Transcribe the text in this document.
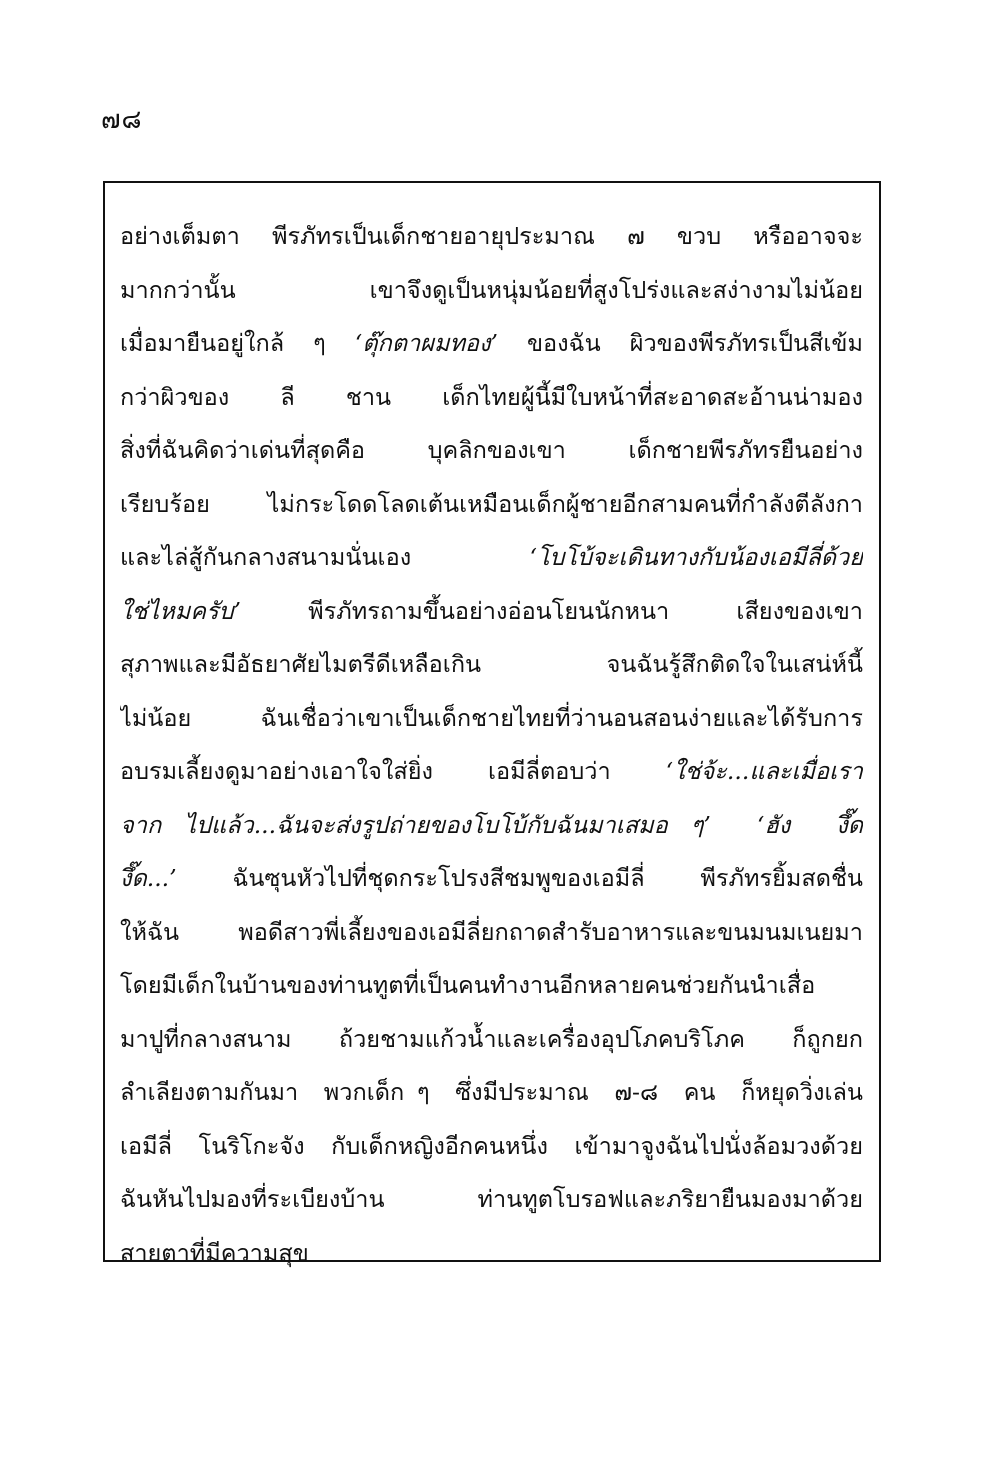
๗๘
อย่างเต็มตา  พีรภัทรเป็นเด็กชายอายุประมาณ  ๗  ขวบ  หรืออาจจะ
มากกว่านั้น   เขาจึงดูเป็นหนุ่มน้อยที่สูงโปร่งและสง่างามไม่น้อย
เมื่อมายืนอยู่ใกล้ ๆ ‘ตุ๊กตาผมทอง’ ของฉัน ผิวของพีรภัทรเป็นสีเข้ม
กว่าผิวของ   ลี   ชาน   เด็กไทยผู้นี้มีใบหน้าที่สะอาดสะอ้านน่ามอง
สิ่งที่ฉันคิดว่าเด่นที่สุดคือ   บุคลิกของเขา   เด็กชายพีรภัทรยืนอย่าง
เรียบร้อย  ไม่กระโดดโลดเต้นเหมือนเด็กผู้ชายอีกสามคนที่กำลังตีลังกา
และไล่สู้กันกลางสนามนั่นเอง   ‘โบโบ้จะเดินทางกับน้องเอมีลี่ด้วย
ใช่ไหมครับ’   พีรภัทรถามขึ้นอย่างอ่อนโยนนักหนา   เสียงของเขา
สุภาพและมีอัธยาศัยไมตรีดีเหลือเกิน    จนฉันรู้สึกติดใจในเสน่ห์นี้
ไม่น้อย   ฉันเชื่อว่าเขาเป็นเด็กชายไทยที่ว่านอนสอนง่ายและได้รับการ
อบรมเลี้ยงดูมาอย่างเอาใจใส่ยิ่ง  เอมีลี่ตอบว่า  ‘ใช่จ้ะ...และเมื่อเรา
จาก ไปแล้ว...ฉันจะส่งรูปถ่ายของโบโบ้กับฉันมาเสมอ ๆ’  ‘ฮัง  งึ๊ด
งึ๊ด...’  ฉันซุนหัวไปที่ชุดกระโปรงสีชมพูของเอมีลี่  พีรภัทรยิ้มสดชื่น
ให้ฉัน  พอดีสาวพี่เลี้ยงของเอมีลี่ยกถาดสำรับอาหารและขนมนมเนยมา
โดยมีเด็กในบ้านของท่านทูตที่เป็นคนทำงานอีกหลายคนช่วยกันนำเสื่อ
มาปูที่กลางสนาม   ถ้วยชามแก้วน้ำและเครื่องอุปโภคบริโภค   ก็ถูกยก
ลำเลียงตามกันมา  พวกเด็ก ๆ  ซึ่งมีประมาณ  ๗-๘  คน  ก็หยุดวิ่งเล่น
เอมีลี่  โนริโกะจัง  กับเด็กหญิงอีกคนหนึ่ง  เข้ามาจูงฉันไปนั่งล้อมวงด้วย
ฉันหันไปมองที่ระเบียงบ้าน   ท่านทูตโบรอฟและภริยายืนมองมาด้วย
สายตาที่มีความสุข
